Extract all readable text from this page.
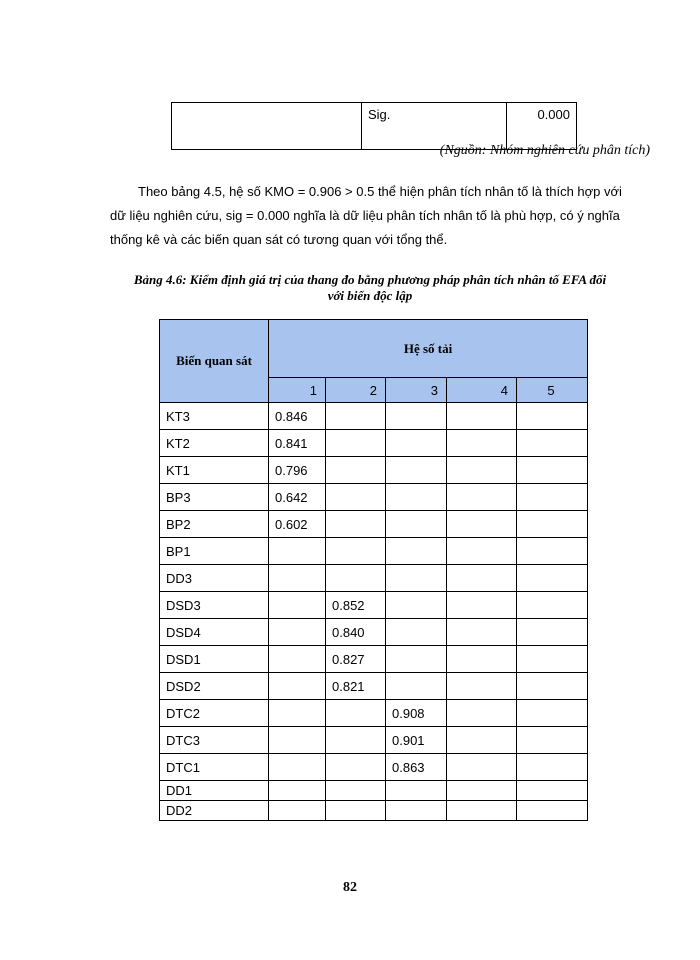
	Sig.	0.000
(Nguồn: Nhóm nghiên cứu phân tích)
Theo bảng 4.5, hệ số KMO = 0.906 > 0.5 thể hiện phân tích nhân tố là thích hợp với
dữ liệu nghiên cứu, sig = 0.000 nghĩa là dữ liệu phân tích nhân tố là phù hợp, có ý nghĩa
thống kê và các biến quan sát có tương quan với tổng thể.
Bảng 4.6: Kiểm định giá trị của thang đo bằng phương pháp phân tích nhân tố EFA đối
với biến độc lập
Biến quan sát	Hệ số tải				
	1	2	3	4	5
KT3	0.846				
KT2	0.841				
KT1	0.796				
BP3	0.642				
BP2	0.602				
BP1					
DD3					
DSD3		0.852			
DSD4		0.840			
DSD1		0.827			
DSD2		0.821			
DTC2			0.908		
DTC3			0.901		
DTC1			0.863		
DD1					
DD2					
82
